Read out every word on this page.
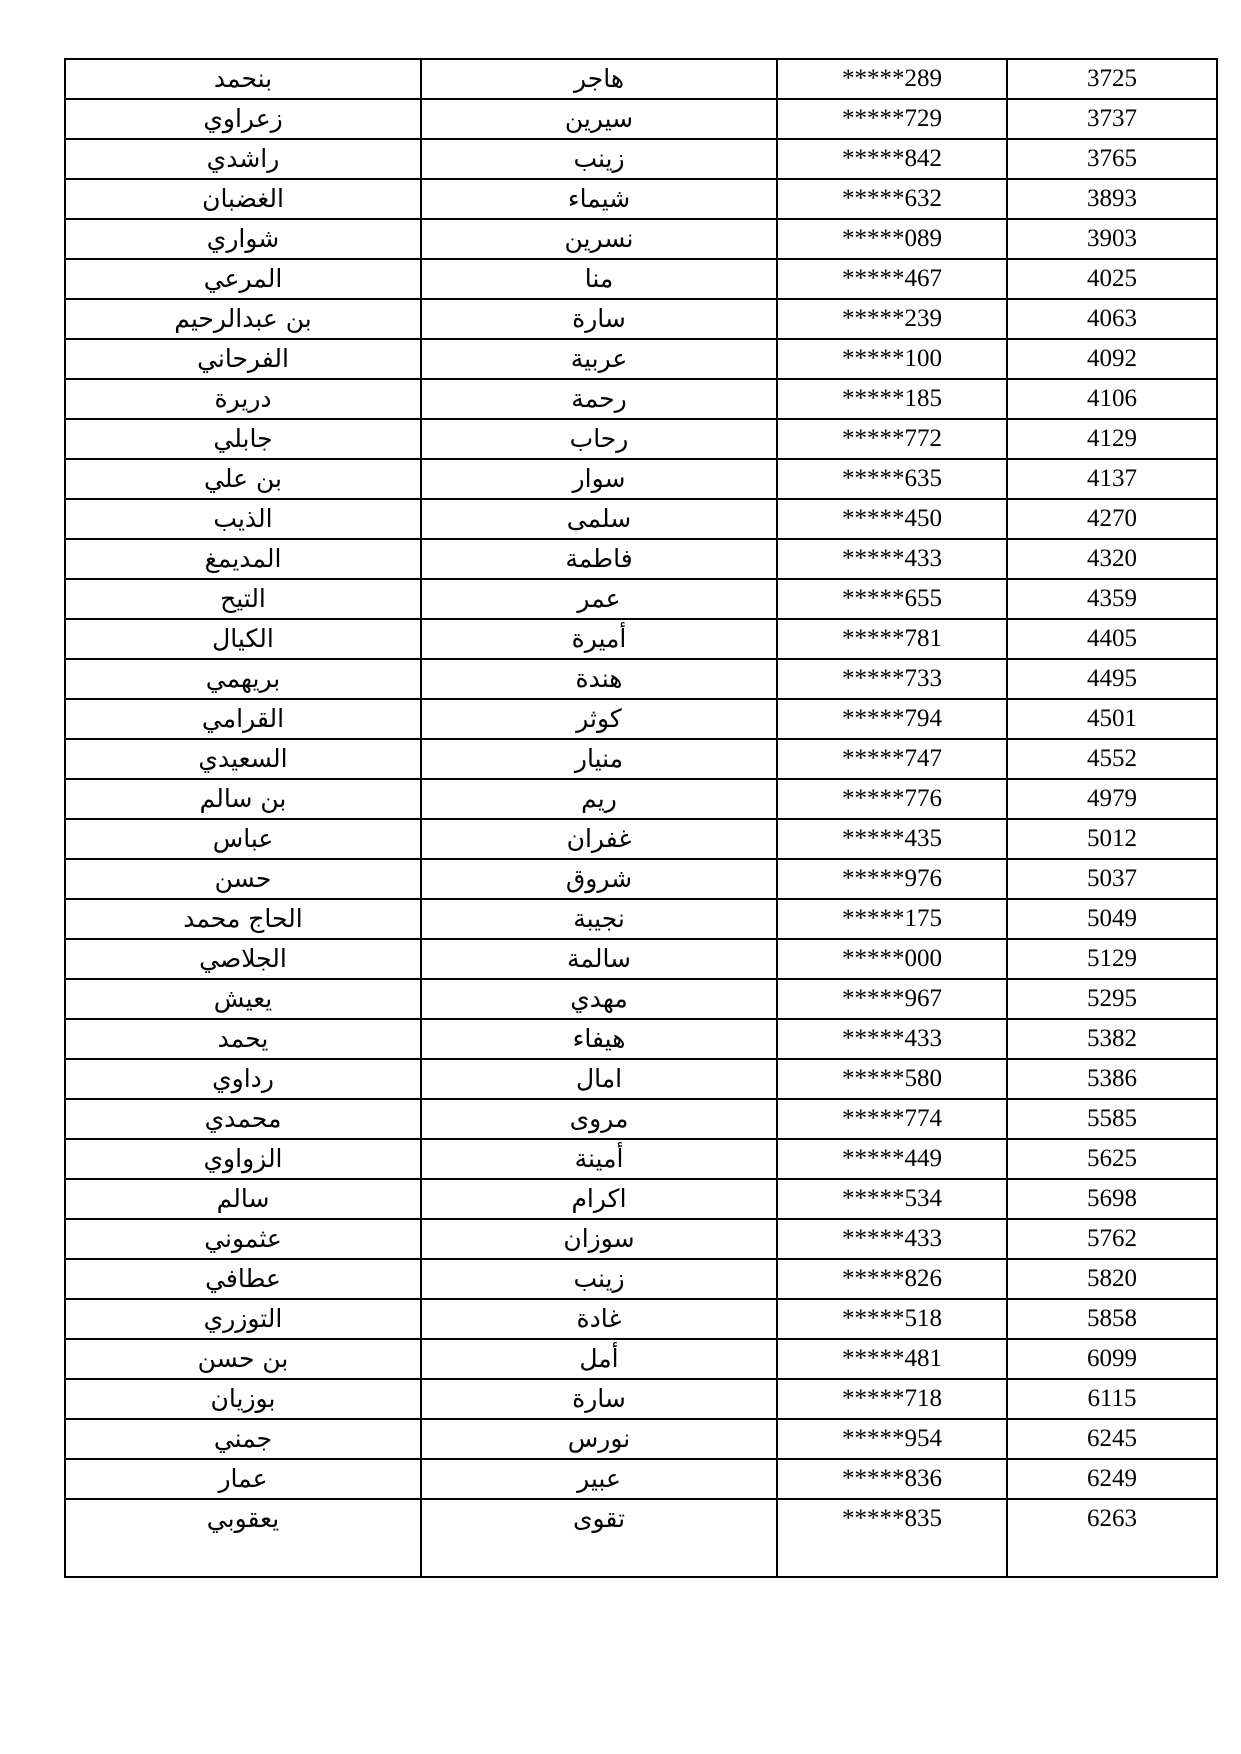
بنحمد	هاجر	*****289	3725
زعراوي	سيرين	*****729	3737
راشدي	زينب	*****842	3765
الغضبان	شيماء	*****632	3893
شواري	نسرين	*****089	3903
المرعي	منا	*****467	4025
بن عبدالرحيم	سارة	*****239	4063
الفرحاني	عربية	*****100	4092
دريرة	رحمة	*****185	4106
جابلي	رحاب	*****772	4129
بن علي	سوار	*****635	4137
الذيب	سلمى	*****450	4270
المديمغ	فاطمة	*****433	4320
التيح	عمر	*****655	4359
الكيال	أميرة	*****781	4405
بريهمي	هندة	*****733	4495
القرامي	كوثر	*****794	4501
السعيدي	منيار	*****747	4552
بن سالم	ريم	*****776	4979
عباس	غفران	*****435	5012
حسن	شروق	*****976	5037
الحاج محمد	نجيبة	*****175	5049
الجلاصي	سالمة	*****000	5129
يعيش	مهدي	*****967	5295
يحمد	هيفاء	*****433	5382
رداوي	امال	*****580	5386
محمدي	مروى	*****774	5585
الزواوي	أمينة	*****449	5625
سالم	اكرام	*****534	5698
عثموني	سوزان	*****433	5762
عطافي	زينب	*****826	5820
التوزري	غادة	*****518	5858
بن حسن	أمل	*****481	6099
بوزيان	سارة	*****718	6115
جمني	نورس	*****954	6245
عمار	عبير	*****836	6249
يعقوبي	تقوى	*****835	6263
